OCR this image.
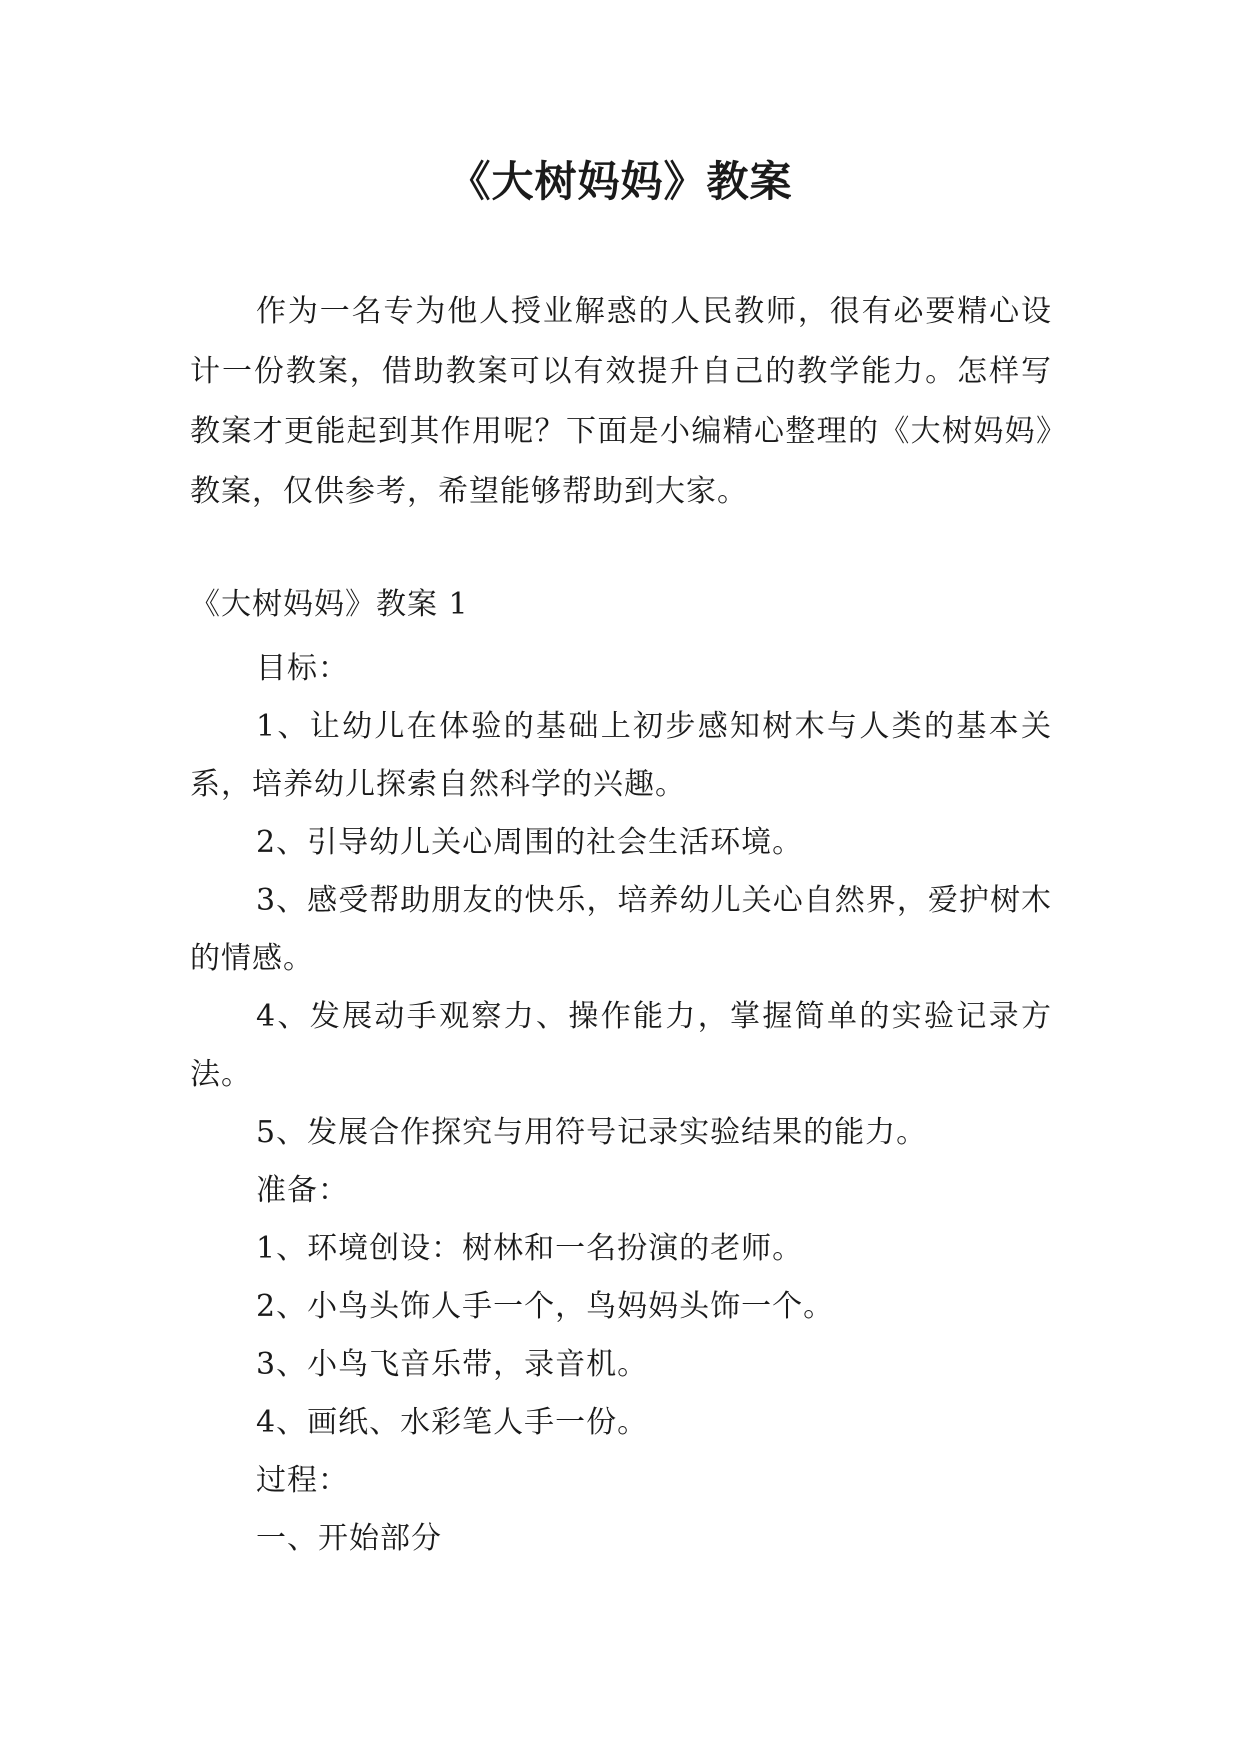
《大树妈妈》教案
作为一名专为他人授业解惑的人民教师，很有必要精心设计一份教案，借助教案可以有效提升自己的教学能力。怎样写教案才更能起到其作用呢？下面是小编精心整理的《大树妈妈》教案，仅供参考，希望能够帮助到大家。
《大树妈妈》教案 1

目标：

1、让幼儿在体验的基础上初步感知树木与人类的基本关系，培养幼儿探索自然科学的兴趣。

2、引导幼儿关心周围的社会生活环境。

3、感受帮助朋友的快乐，培养幼儿关心自然界，爱护树木的情感。

4、发展动手观察力、操作能力，掌握简单的实验记录方法。

5、发展合作探究与用符号记录实验结果的能力。

准备：

1、环境创设：树林和一名扮演的老师。

2、小鸟头饰人手一个，鸟妈妈头饰一个。

3、小鸟飞音乐带，录音机。

4、画纸、水彩笔人手一份。

过程：

一、开始部分
